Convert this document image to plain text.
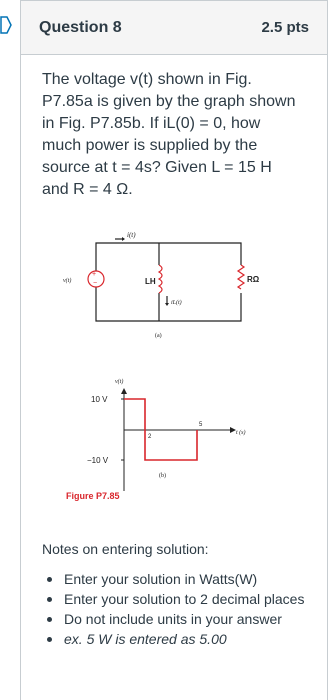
Question 8	2.5 pts
The voltage v(t) shown in Fig. P7.85a is given by the graph shown in Fig. P7.85b. If iL(0) = 0, how much power is supplied by the source at t = 4s? Given L = 15 H and R = 4 Ω.
i(t)
+
−
v(t)	LH
iL(t)
RΩ
(a)
v(t)
10 V
−10 V
2
5
t (s)
(b)
Figure P7.85
Notes on entering solution:
Enter your solution in Watts(W)
Enter your solution to 2 decimal places
Do not include units in your answer
ex. 5 W is entered as 5.00
